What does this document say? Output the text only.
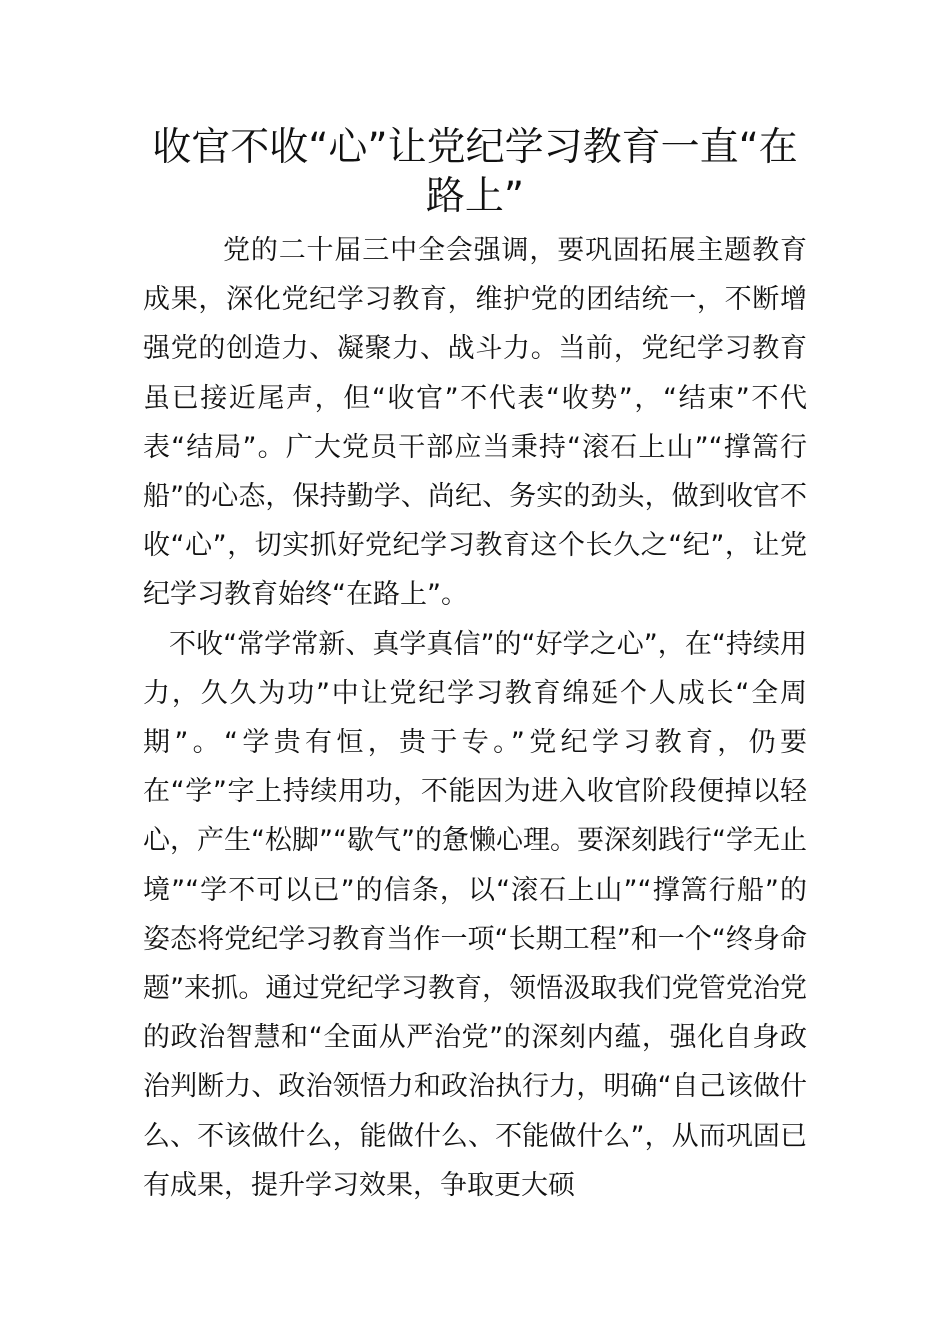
收官不收“心”让党纪学习教育一直“在路上”

党的二十届三中全会强调，要巩固拓展主题教育成果，深化党纪学习教育，维护党的团结统一，不断增强党的创造力、凝聚力、战斗力。当前，党纪学习教育虽已接近尾声，但“收官”不代表“收势”，“结束”不代表“结局”。广大党员干部应当秉持“滚石上山”“撑篙行船”的心态，保持勤学、尚纪、务实的劲头，做到收官不收“心”，切实抓好党纪学习教育这个长久之“纪”，让党纪学习教育始终“在路上”。

不收“常学常新、真学真信”的“好学之心”，在“持续用力，久久为功”中让党纪学习教育绵延个人成长“全周期”。“学贵有恒，贵于专。”党纪学习教育，仍要在“学”字上持续用功，不能因为进入收官阶段便掉以轻心，产生“松脚”“歇气”的惫懒心理。要深刻践行“学无止境”“学不可以已”的信条，以“滚石上山”“撑篙行船”的姿态将党纪学习教育当作一项“长期工程”和一个“终身命题”来抓。通过党纪学习教育，领悟汲取我们党管党治党的政治智慧和“全面从严治党”的深刻内蕴，强化自身政治判断力、政治领悟力和政治执行力，明确“自己该做什么、不该做什么，能做什么、不能做什么”，从而巩固已有成果，提升学习效果，争取更大硕
